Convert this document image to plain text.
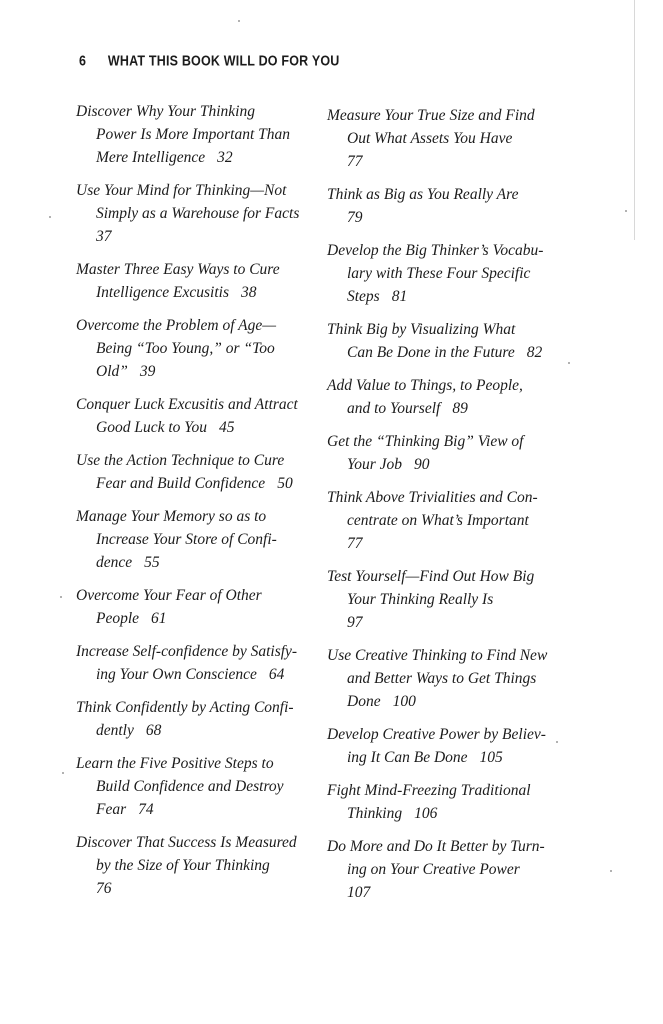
6 WHAT THIS BOOK WILL DO FOR YOU
Discover Why Your Thinking
Power Is More Important Than
Mere Intelligence 32
Use Your Mind for Thinking—Not
Simply as a Warehouse for Facts
37
Master Three Easy Ways to Cure
Intelligence Excusitis 38
Overcome the Problem of Age—
Being “Too Young,” or “Too
Old” 39
Conquer Luck Excusitis and Attract
Good Luck to You 45
Use the Action Technique to Cure
Fear and Build Confidence 50
Manage Your Memory so as to
Increase Your Store of Confi-
dence 55
Overcome Your Fear of Other
People 61
Increase Self-confidence by Satisfy-
ing Your Own Conscience 64
Think Confidently by Acting Confi-
dently 68
Learn the Five Positive Steps to
Build Confidence and Destroy
Fear 74
Discover That Success Is Measured
by the Size of Your Thinking
76
Measure Your True Size and Find
Out What Assets You Have
77
Think as Big as You Really Are
79
Develop the Big Thinker’s Vocabu-
lary with These Four Specific
Steps 81
Think Big by Visualizing What
Can Be Done in the Future 82
Add Value to Things, to People,
and to Yourself 89
Get the “Thinking Big” View of
Your Job 90
Think Above Trivialities and Con-
centrate on What’s Important
77
Test Yourself—Find Out How Big
Your Thinking Really Is
97
Use Creative Thinking to Find New
and Better Ways to Get Things
Done 100
Develop Creative Power by Believ-
ing It Can Be Done 105
Fight Mind-Freezing Traditional
Thinking 106
Do More and Do It Better by Turn-
ing on Your Creative Power
107
